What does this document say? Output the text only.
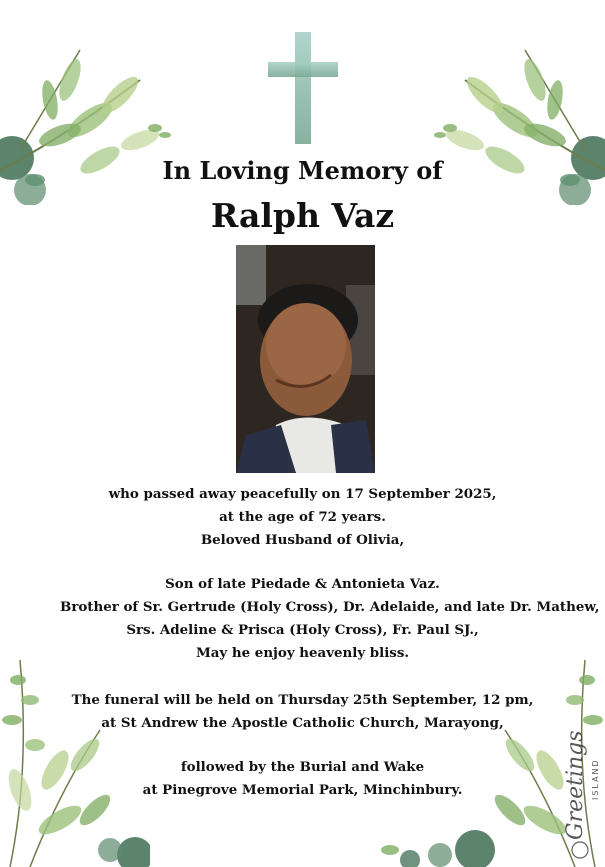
In Loving Memory of
Ralph Vaz
who passed away peacefully on 17 September 2025,
at the age of 72 years.
Beloved Husband of Olivia,
Son of late Piedade & Antonieta Vaz.
Brother of Sr. Gertrude (Holy Cross), Dr. Adelaide, and late Dr. Mathew,
Srs. Adeline & Prisca (Holy Cross), Fr. Paul SJ.,
May he enjoy heavenly bliss.
The funeral will be held on Thursday 25th September, 12 pm,
at St Andrew the Apostle Catholic Church, Marayong,
followed by the Burial and Wake
at Pinegrove Memorial Park, Minchinbury.	Greetings ISLAND
